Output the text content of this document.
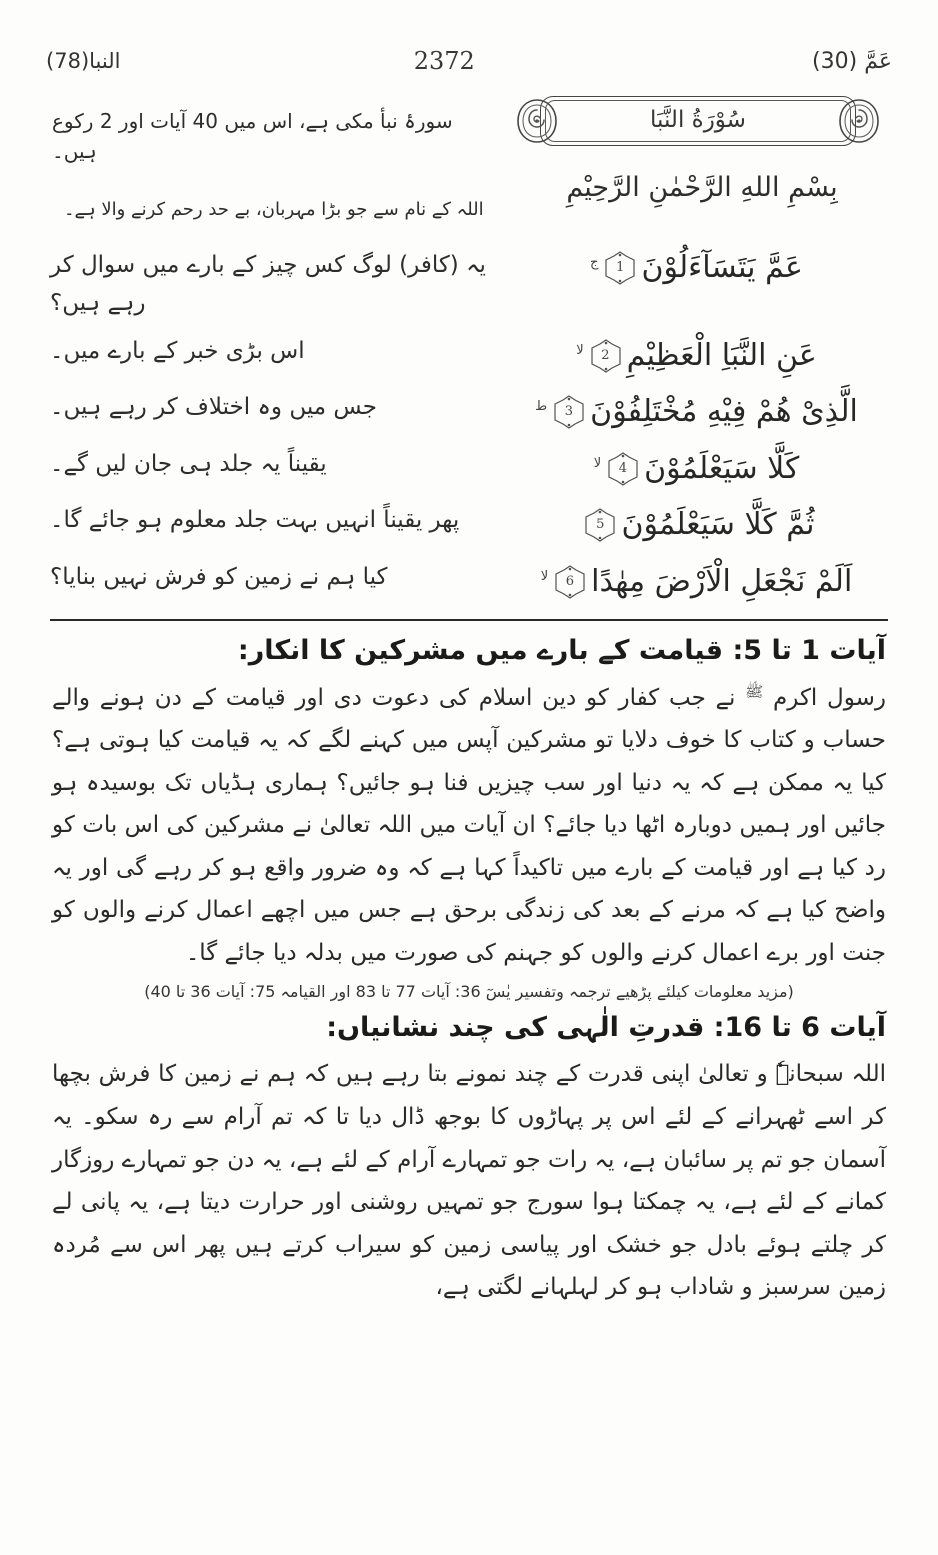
عَمَّ (30)
2372
النبا(78)
سُوْرَةُ النَّبَا
بِسْمِ اللهِ الرَّحْمٰنِ الرَّحِيْمِ
سورۂ نبأ مکی ہے، اس میں 40 آیات اور 2 رکوع ہیں۔
اللہ کے نام سے جو بڑا مہربان، بے حد رحم کرنے والا ہے۔
عَمَّ يَتَسَآءَلُوْنَ
1
$^ج$
یہ (کافر) لوگ کس چیز کے بارے میں سوال کر رہے ہیں؟
عَنِ النَّبَاِ الْعَظِيْمِ
2
$^{لا}$
اس بڑی خبر کے بارے میں۔
الَّذِىْ هُمْ فِيْهِ مُخْتَلِفُوْنَ
3
$^ط$
جس میں وہ اختلاف کر رہے ہیں۔
كَلَّا سَيَعْلَمُوْنَ
4
$^{لا}$
یقیناً یہ جلد ہی جان لیں گے۔
ثُمَّ كَلَّا سَيَعْلَمُوْنَ
5
پھر یقیناً انہیں بہت جلد معلوم ہو جائے گا۔
اَلَمْ نَجْعَلِ الْاَرْضَ مِهٰدًا
6
$^{لا}$
کیا ہم نے زمین کو فرش نہیں بنایا؟
آیات 1 تا 5: قیامت کے بارے میں مشرکین کا انکار:

رسول اکرم $^ﷺ$ نے جب کفار کو دین اسلام کی دعوت دی اور قیامت کے دن ہونے والے حساب و کتاب کا خوف دلایا تو مشرکین آپس میں کہنے لگے کہ یہ قیامت کیا ہوتی ہے؟ کیا یہ ممکن ہے کہ یہ دنیا اور سب چیزیں فنا ہو جائیں؟ ہماری ہڈیاں تک بوسیدہ ہو جائیں اور ہمیں دوبارہ اٹھا دیا جائے؟ ان آیات میں اللہ تعالیٰ نے مشرکین کی اس بات کو رد کیا ہے اور قیامت کے بارے میں تاکیداً کہا ہے کہ وہ ضرور واقع ہو کر رہے گی اور یہ واضح کیا ہے کہ مرنے کے بعد کی زندگی برحق ہے جس میں اچھے اعمال کرنے والوں کو جنت اور برے اعمال کرنے والوں کو جہنم کی صورت میں بدلہ دیا جائے گا۔

(مزید معلومات کیلئے پڑھیے ترجمہ وتفسیر یٰسٓ 36: آیات 77 تا 83 اور القیامہ 75: آیات 36 تا 40)
آیات 6 تا 16: قدرتِ الٰہی کی چند نشانیاں:

اللہ سبحانہٗ و تعالیٰ اپنی قدرت کے چند نمونے بتا رہے ہیں کہ ہم نے زمین کا فرش بچھا کر اسے ٹھہرانے کے لئے اس پر پہاڑوں کا بوجھ ڈال دیا تا کہ تم آرام سے رہ سکو۔ یہ آسمان جو تم پر سائبان ہے، یہ رات جو تمہارے آرام کے لئے ہے، یہ دن جو تمہارے روزگار کمانے کے لئے ہے، یہ چمکتا ہوا سورج جو تمہیں روشنی اور حرارت دیتا ہے، یہ پانی لے کر چلتے ہوئے بادل جو خشک اور پیاسی زمین کو سیراب کرتے ہیں پھر اس سے مُردہ زمین سرسبز و شاداب ہو کر لہلہانے لگتی ہے،
